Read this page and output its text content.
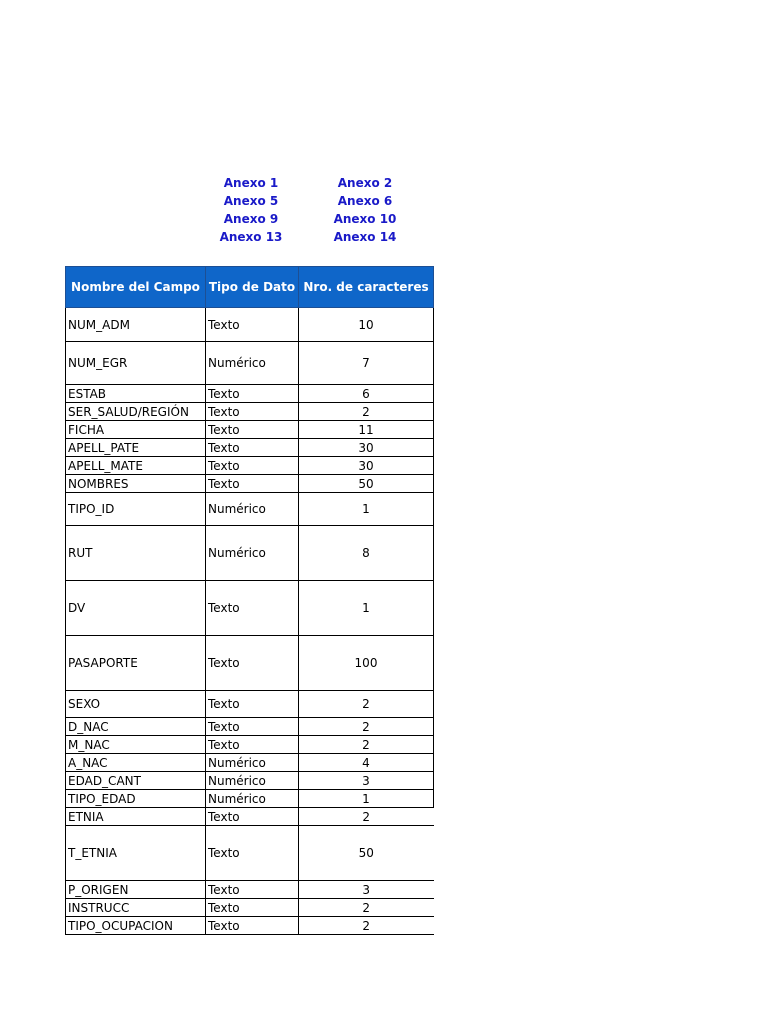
Anexo 1	Anexo 2
Anexo 5	Anexo 6
Anexo 9	Anexo 10
Anexo 13	Anexo 14
Nombre del Campo	Tipo de Dato	Nro. de caracteres
NUM_ADM	Texto	10
NUM_EGR	Numérico	7
ESTAB	Texto	6
SER_SALUD/REGIÓN	Texto	2
FICHA	Texto	11
APELL_PATE	Texto	30
APELL_MATE	Texto	30
NOMBRES	Texto	50
TIPO_ID	Numérico	1
RUT	Numérico	8
DV	Texto	1
PASAPORTE	Texto	100
SEXO	Texto	2
D_NAC	Texto	2
M_NAC	Texto	2
A_NAC	Numérico	4
EDAD_CANT	Numérico	3
TIPO_EDAD	Numérico	1
ETNIA	Texto	2
T_ETNIA	Texto	50
P_ORIGEN	Texto	3
INSTRUCC	Texto	2
TIPO_OCUPACION	Texto	2
